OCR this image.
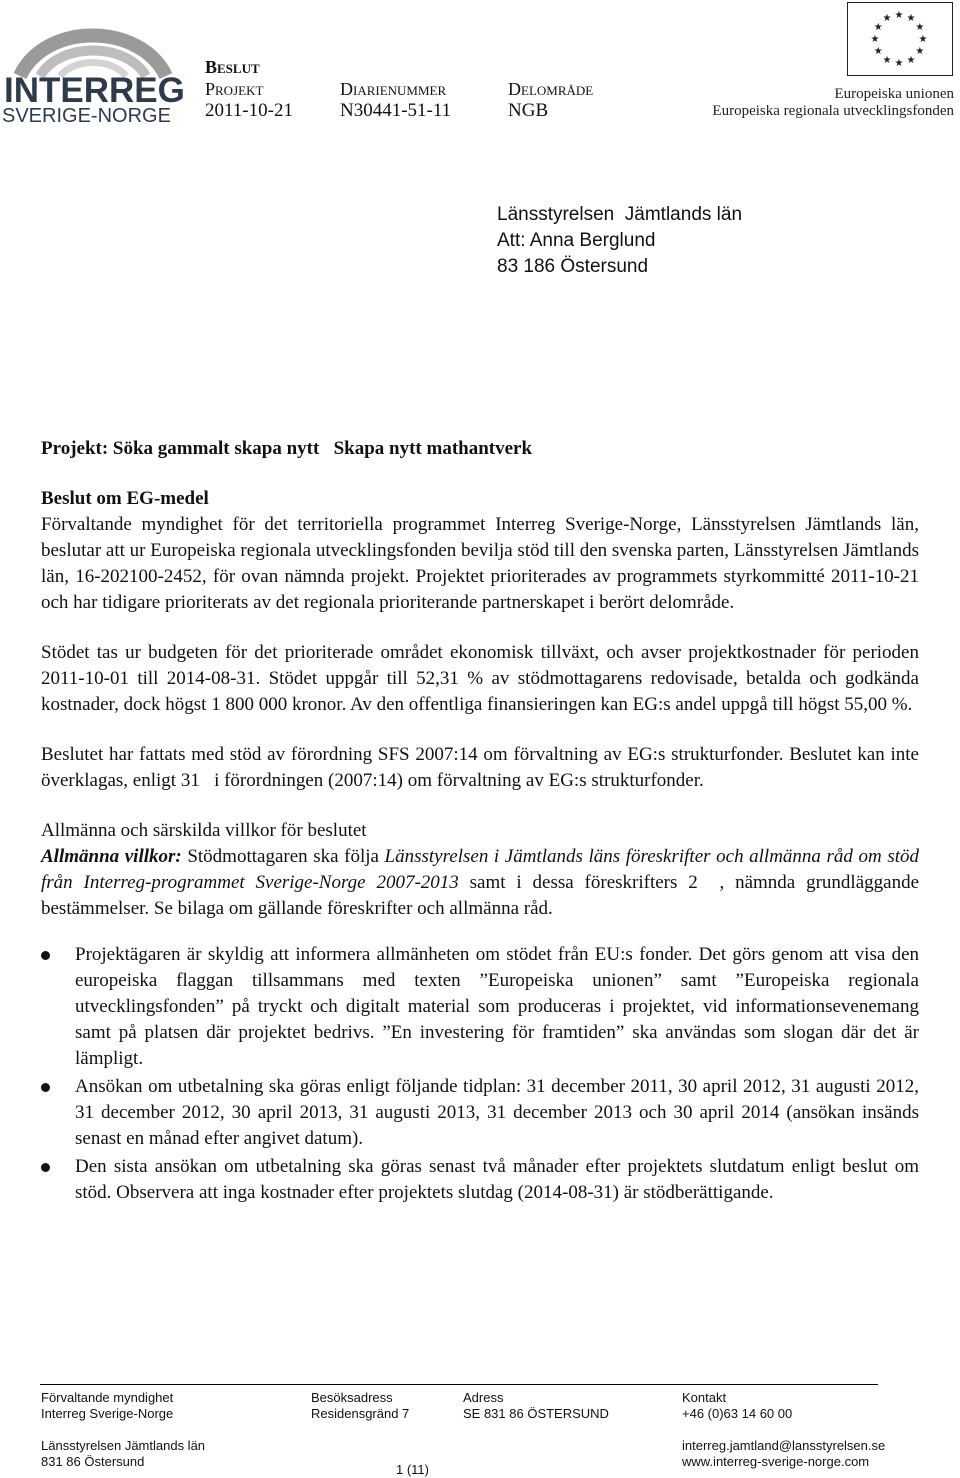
INTERREG
SVERIGE-NORGE
Beslut
Projekt
2011-10-21
Diarienummer
N30441-51-11
Delområde
NGB
★ ★
★
★
★
★
★
★
★
★
★
★
Europeiska unionen
Europeiska regionala utvecklingsfonden
Länsstyrelsen  Jämtlands län
Att: Anna Berglund
83 186 Östersund

Projekt: Söka gammalt skapa nytt   Skapa nytt mathantverk

Beslut om EG-medel

Förvaltande myndighet för det territoriella programmet Interreg Sverige-Norge, Länsstyrelsen Jämtlands län, beslutar att ur Europeiska regionala utvecklingsfonden bevilja stöd till den svenska parten, Länsstyrelsen Jämtlands län, 16-202100-2452, för ovan nämnda projekt. Projektet prioriterades av programmets styrkommitté 2011-10-21 och har tidigare prioriterats av det regionala prioriterande partnerskapet i berört delområde.

Stödet tas ur budgeten för det prioriterade området ekonomisk tillväxt, och avser projektkostnader för perioden 2011-10-01 till 2014-08-31. Stödet uppgår till 52,31 % av stödmottagarens redovisade, betalda och godkända kostnader, dock högst 1 800 000 kronor. Av den offentliga finansieringen kan EG:s andel uppgå till högst 55,00 %.

Beslutet har fattats med stöd av förordning SFS 2007:14 om förvaltning av EG:s strukturfonder. Beslutet kan inte överklagas, enligt 31   i förordningen (2007:14) om förvaltning av EG:s strukturfonder.

Allmänna och särskilda villkor för beslutet

Allmänna villkor: Stödmottagaren ska följa Länsstyrelsen i Jämtlands läns föreskrifter och allmänna råd om stöd från Interreg-programmet Sverige-Norge 2007-2013 samt i dessa föreskrifters 2  , nämnda grundläggande bestämmelser. Se bilaga om gällande föreskrifter och allmänna råd.

Projektägaren är skyldig att informera allmänheten om stödet från EU:s fonder. Det görs genom att visa den europeiska flaggan tillsammans med texten ”Europeiska unionen” samt ”Europeiska regionala utvecklingsfonden” på tryckt och digitalt material som produceras i projektet, vid informationsevenemang samt på platsen där projektet bedrivs. ”En investering för framtiden” ska användas som slogan där det är lämpligt.
Ansökan om utbetalning ska göras enligt följande tidplan: 31 december 2011, 30 april 2012, 31 augusti 2012, 31 december 2012, 30 april 2013, 31 augusti 2013, 31 december 2013 och 30 april 2014 (ansökan insänds senast en månad efter angivet datum).
Den sista ansökan om utbetalning ska göras senast två månader efter projektets slutdatum enligt beslut om stöd. Observera att inga kostnader efter projektets slutdag (2014-08-31) är stödberättigande.
Förvaltande myndighet
Interreg Sverige-Norge
Länsstyrelsen Jämtlands län
831 86 Östersund
Besöksadress
Residensgränd 7
Adress
SE 831 86 ÖSTERSUND
Kontakt
+46 (0)63 14 60 00
interreg.jamtland@lansstyrelsen.se
www.interreg-sverige-norge.com
1 (11)
